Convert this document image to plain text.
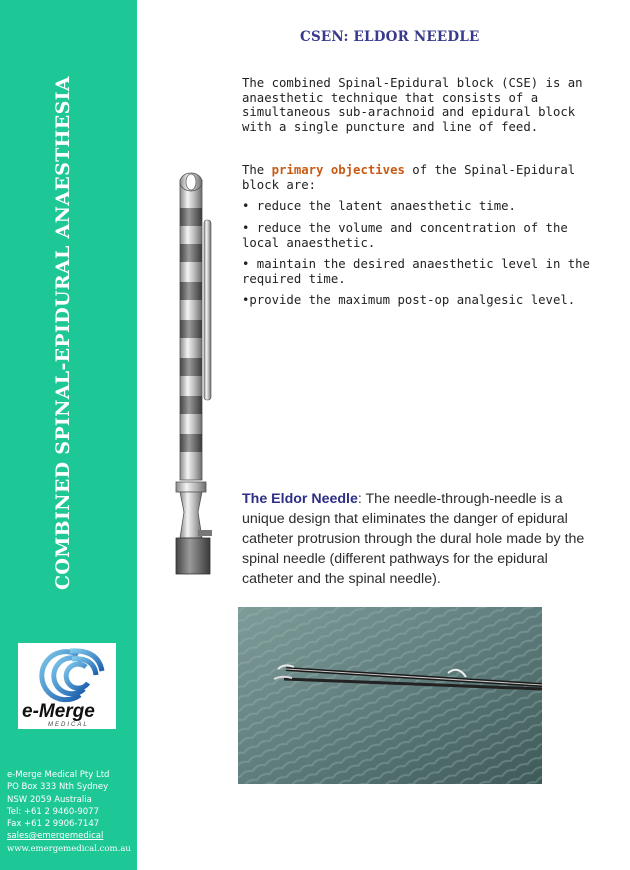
COMBINED SPINAL-EPIDURAL ANAESTHESIA
e-Merge
MEDICAL
e-Merge Medical Pty Ltd
PO Box 333 Nth Sydney
NSW 2059 Australia
Tel: +61 2 9460-9077
Fax +61 2 9906-7147
sales@emergemedical
www.emergemedical.com.au
CSEN: ELDOR NEEDLE
The combined Spinal-Epidural block (CSE) is an anaesthetic technique that consists of a simultaneous sub-arachnoid and epidural block with a single puncture and line of feed.
The primary objectives of the Spinal-Epidural block are:
• reduce the latent anaesthetic time.
• reduce the volume and concentration of the local anaesthetic.
• maintain the desired anaesthetic level in the required time.
•provide the maximum post-op analgesic level.
The Eldor Needle: The needle-through-needle is a unique design that eliminates the danger of epidural catheter protrusion through the dural hole made by the spinal needle (different pathways for the epidural catheter and the spinal needle).
